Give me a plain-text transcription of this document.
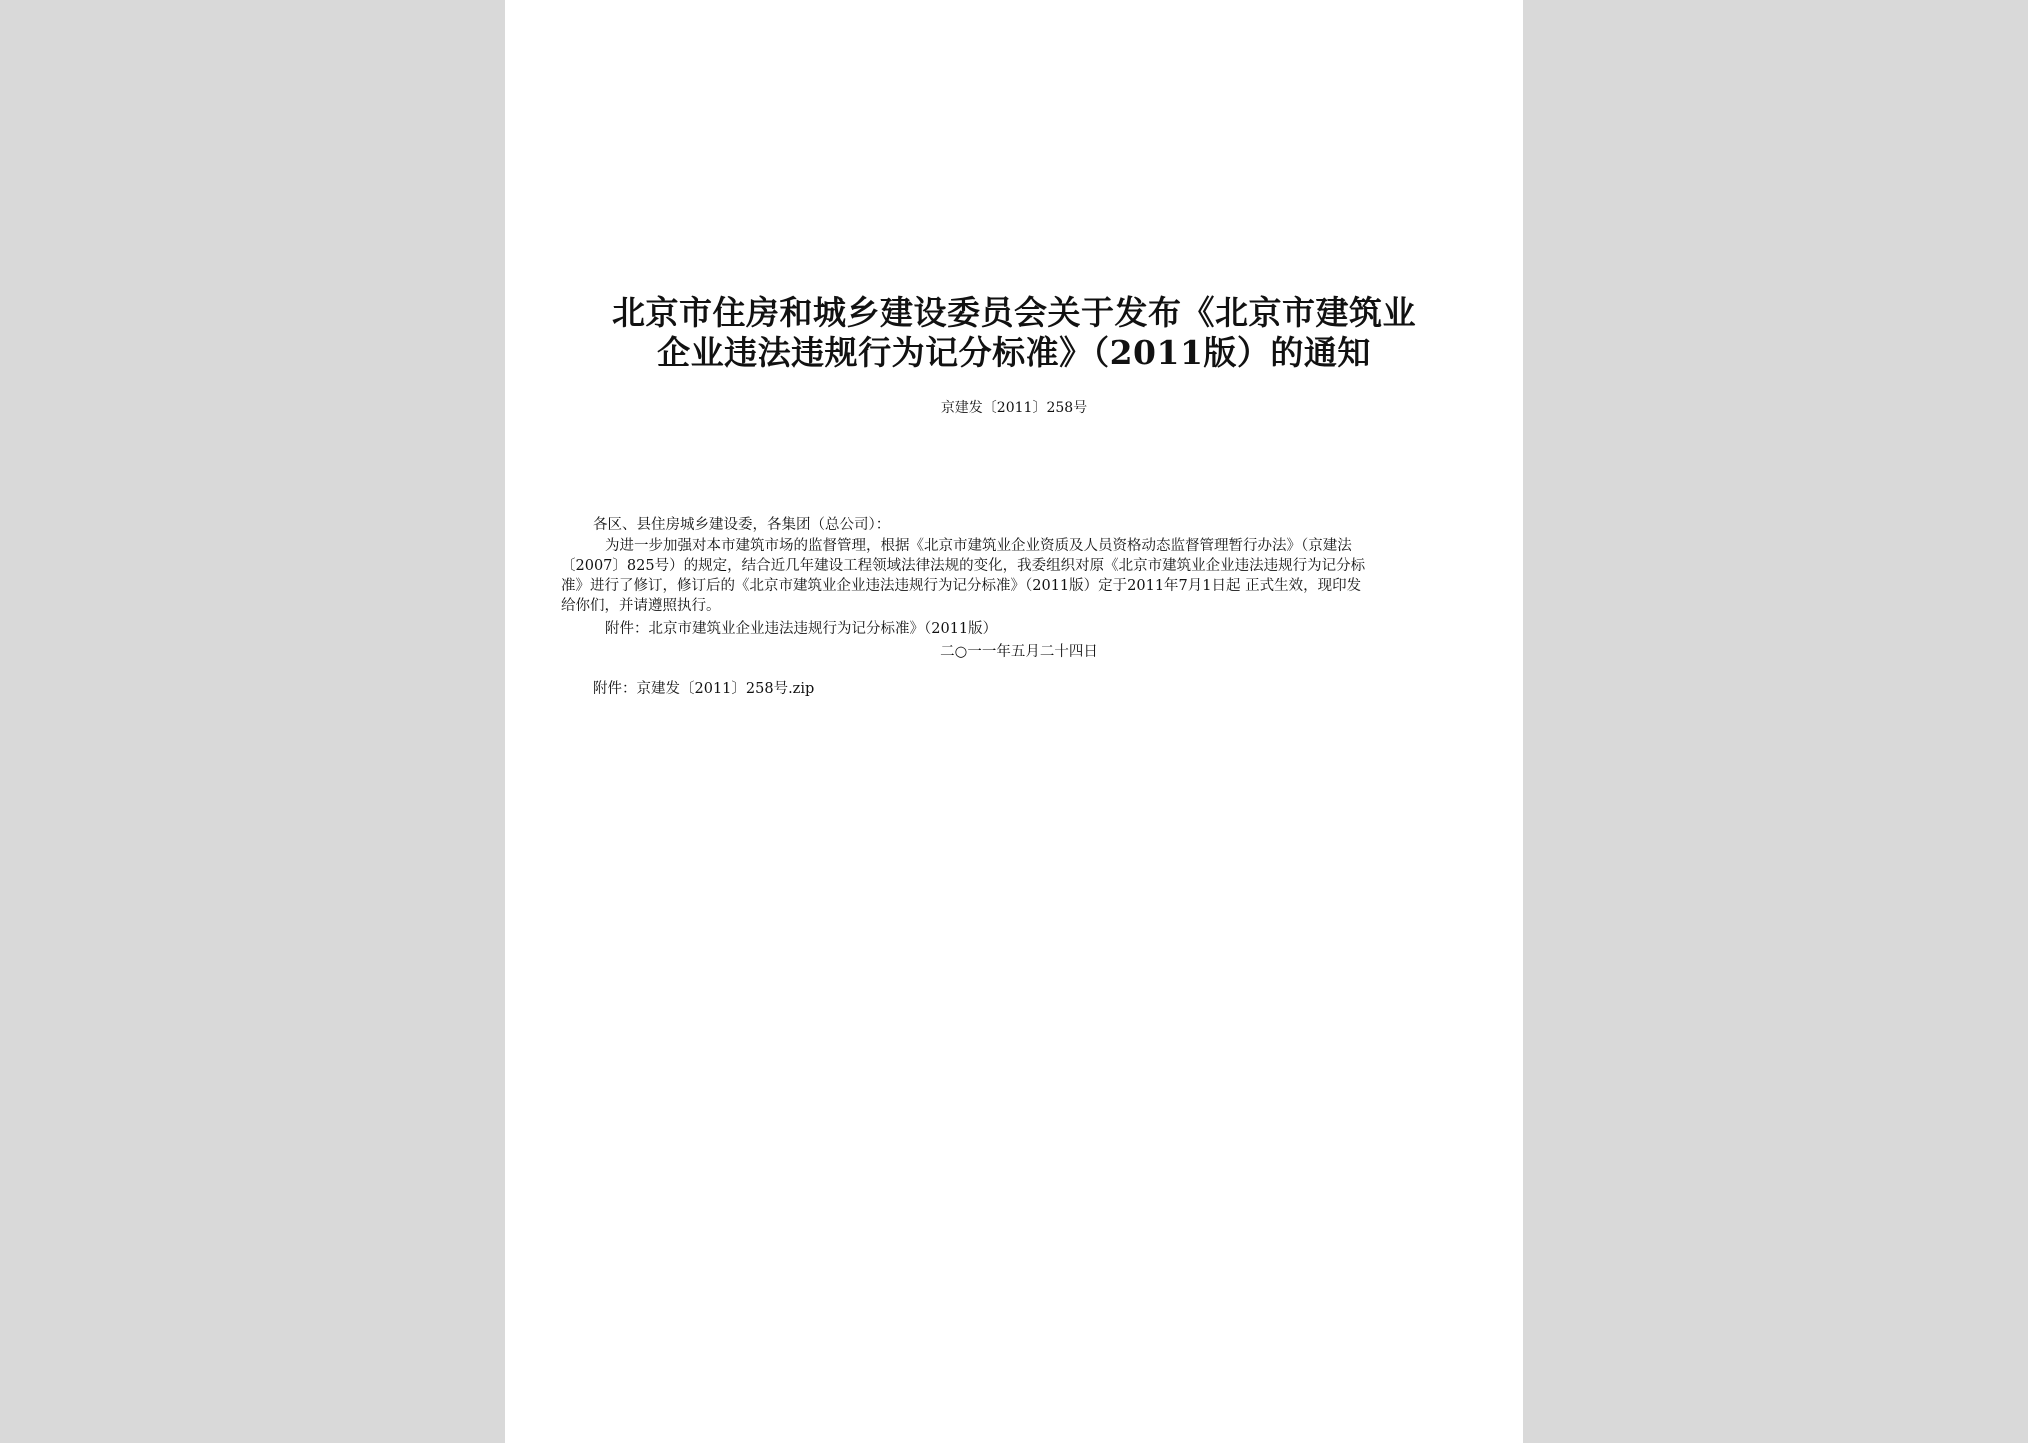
北京市住房和城乡建设委员会关于发布《北京市建筑业
企业违法违规行为记分标准》（2011版）的通知
京建发〔2011〕258号
各区、县住房城乡建设委，各集团（总公司）：
为进一步加强对本市建筑市场的监督管理，根据《北京市建筑业企业资质及人员资格动态监督管理暂行办法》（京建法
〔2007〕825号）的规定，结合近几年建设工程领域法律法规的变化，我委组织对原《北京市建筑业企业违法违规行为记分标
准》进行了修订，修订后的《北京市建筑业企业违法违规行为记分标准》（2011版）定于2011年7月1日起 正式生效，现印发
给你们，并请遵照执行。
附件：北京市建筑业企业违法违规行为记分标准》（2011版）
二○一一年五月二十四日
附件：京建发〔2011〕258号.zip
